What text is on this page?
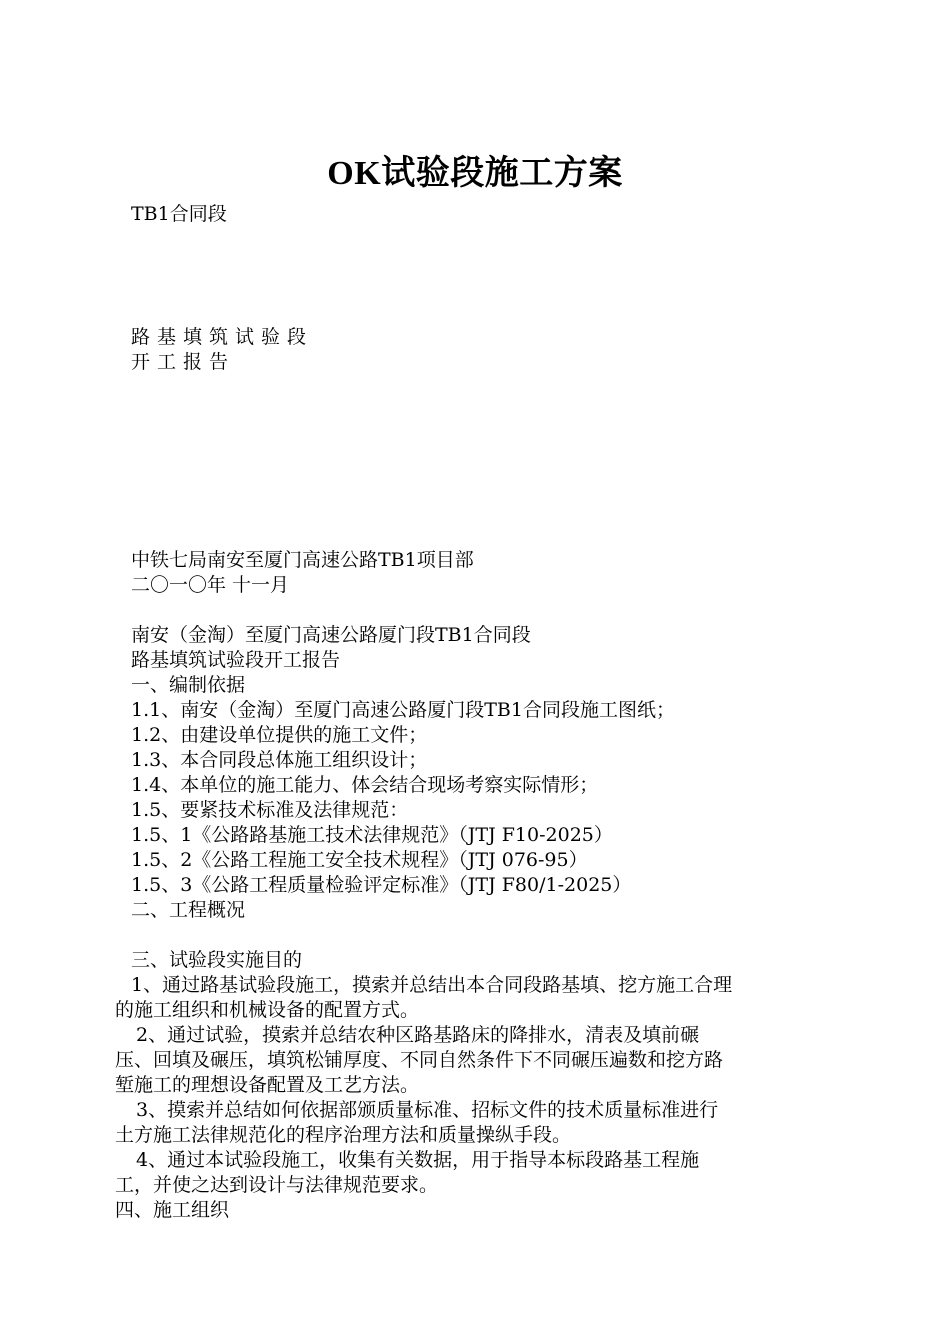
OK试验段施工方案
TB1合同段
路基填筑试验段
开工报告
中铁七局南安至厦门高速公路TB1项目部
二〇一〇年 十一月
南安（金淘）至厦门高速公路厦门段TB1合同段
路基填筑试验段开工报告
一、编制依据
1.1、南安（金淘）至厦门高速公路厦门段TB1合同段施工图纸；
1.2、由建设单位提供的施工文件；
1.3、本合同段总体施工组织设计；
1.4、本单位的施工能力、体会结合现场考察实际情形；
1.5、要紧技术标准及法律规范：
1.5、1《公路路基施工技术法律规范》（JTJ F10-2025）
1.5、2《公路工程施工安全技术规程》（JTJ 076-95）
1.5、3《公路工程质量检验评定标准》（JTJ F80/1-2025）
二、工程概况
三、试验段实施目的
1、通过路基试验段施工，摸索并总结出本合同段路基填、挖方施工合理
的施工组织和机械设备的配置方式。
2、通过试验，摸索并总结农种区路基路床的降排水，清表及填前碾
压、回填及碾压，填筑松铺厚度、不同自然条件下不同碾压遍数和挖方路
堑施工的理想设备配置及工艺方法。
3、摸索并总结如何依据部颁质量标准、招标文件的技术质量标准进行
土方施工法律规范化的程序治理方法和质量操纵手段。
4、通过本试验段施工，收集有关数据，用于指导本标段路基工程施
工，并使之达到设计与法律规范要求。
四、施工组织
